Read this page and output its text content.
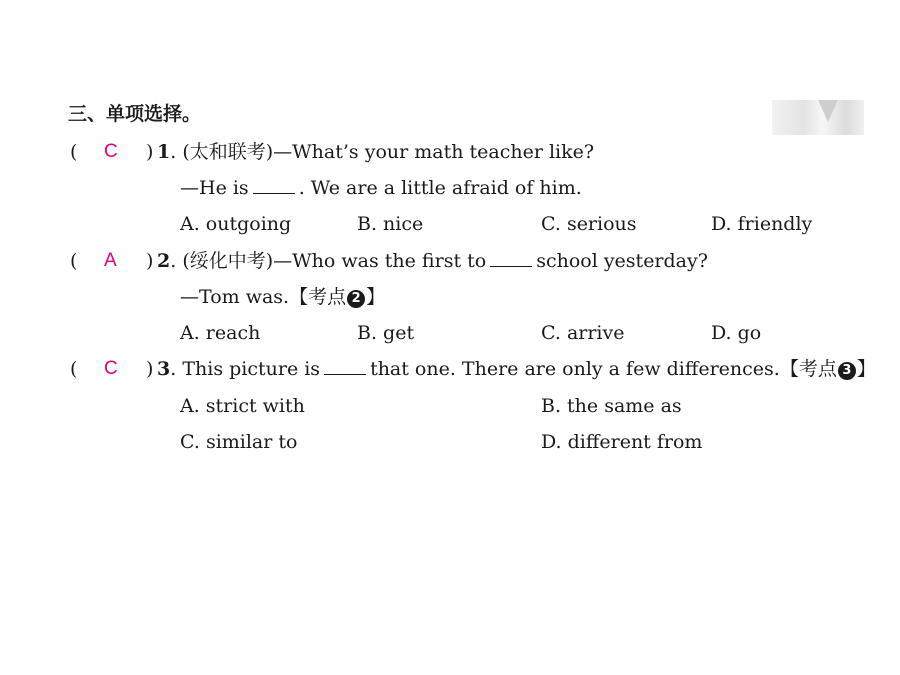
三、单项选择。
( C ) 1. (太和联考)—What’s your math teacher like?
—He is	. We are a little afraid of him.
A. outgoing	B. nice	C. serious	D. friendly
( A ) 2. (绥化中考)—Who was the first to	school yesterday?
—Tom was.【考点 2 】
A. reach	B. get	C. arrive	D. go
( C ) 3. This picture is	that one. There are only a few differences.【考点 3 】
A. strict with	B. the same as
C. similar to	D. different from
